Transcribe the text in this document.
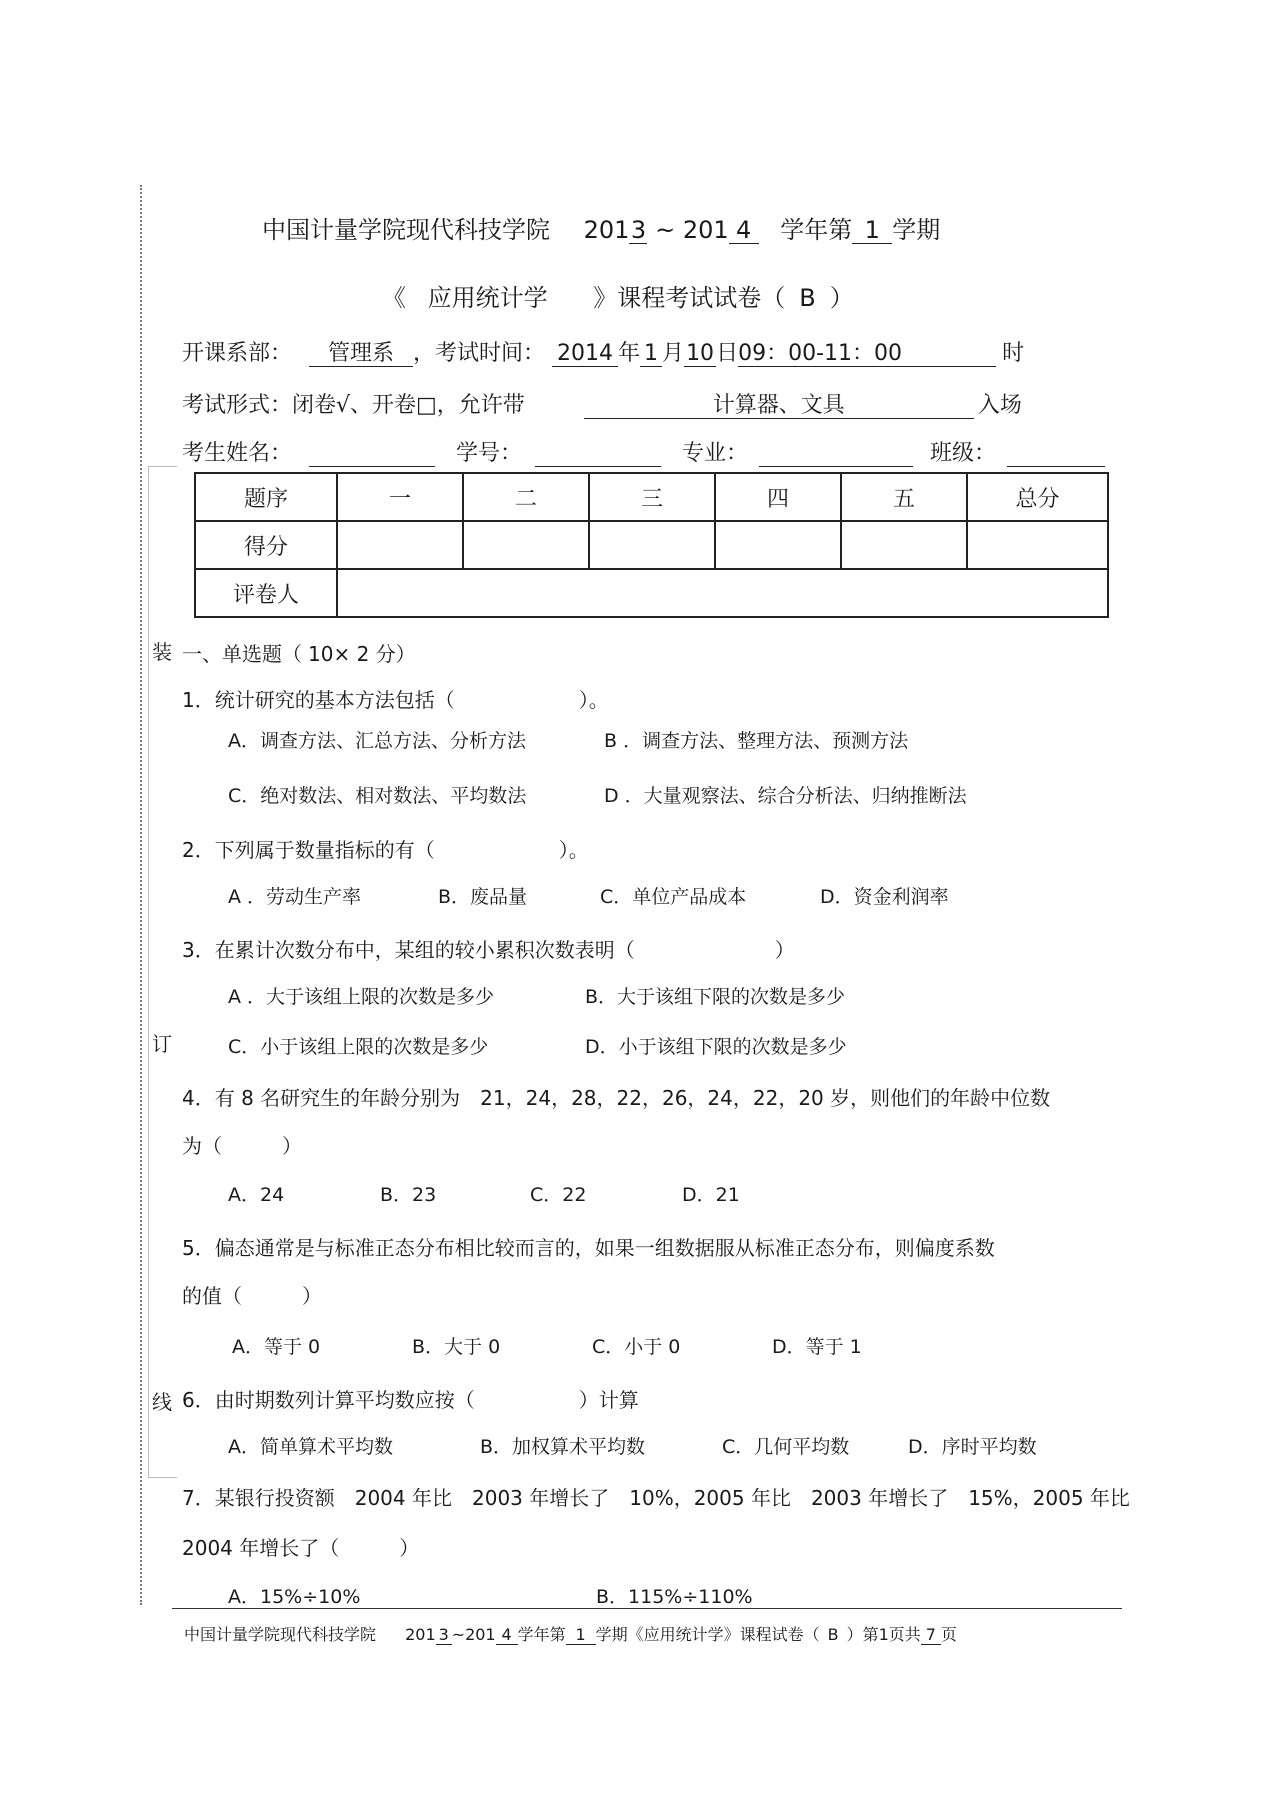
装
订
线
中国计量学院现代科技学院 2013 ~ 201 4 学年第 1 学期
《 应用统计学 》课程考试试卷（ B ）
开课系部： 管理系 ，考试时间： 2014 年 1 月10日09：00-11：00	时
考试形式：闭卷√、开卷□，允许带	计算器、文具	入场
考生姓名：	学号：	专业：	班级：
题序	一	二	三	四	五	总分
得分						
评卷人						
一、单选题（ 10× 2 分）
1．统计研究的基本方法包括（	）。
A．调查方法、汇总方法、分析方法	B ．调查方法、整理方法、预测方法
C．绝对数法、相对数法、平均数法	D ．大量观察法、综合分析法、归纳推断法
2．下列属于数量指标的有（	）。
A ．劳动生产率	B．废品量	C．单位产品成本	D．资金利润率
3．在累计次数分布中，某组的较小累积次数表明（	）
A ．大于该组上限的次数是多少	B．大于该组下限的次数是多少
C．小于该组上限的次数是多少	D．小于该组下限的次数是多少
4．有 8 名研究生的年龄分别为　21，24，28，22，26，24，22，20 岁，则他们的年龄中位数
为（　　　）
A．24	B．23	C．22	D．21
5．偏态通常是与标准正态分布相比较而言的，如果一组数据服从标准正态分布，则偏度系数
的值（　　　）
A．等于 0	B．大于 0	C．小于 0	D．等于 1
6．由时期数列计算平均数应按（	）计算
A．简单算术平均数	B．加权算术平均数	C．几何平均数	D．序时平均数
7．某银行投资额　2004 年比　2003 年增长了　10%，2005 年比　2003 年增长了　15%，2005 年比
2004 年增长了（　　　）
A．15%÷10%	B．115%÷110%
中国计量学院现代科技学院 201 3 ~201 4 学年第 1 学期《应用统计学》课程试卷（ B ）第1页共 7 页
